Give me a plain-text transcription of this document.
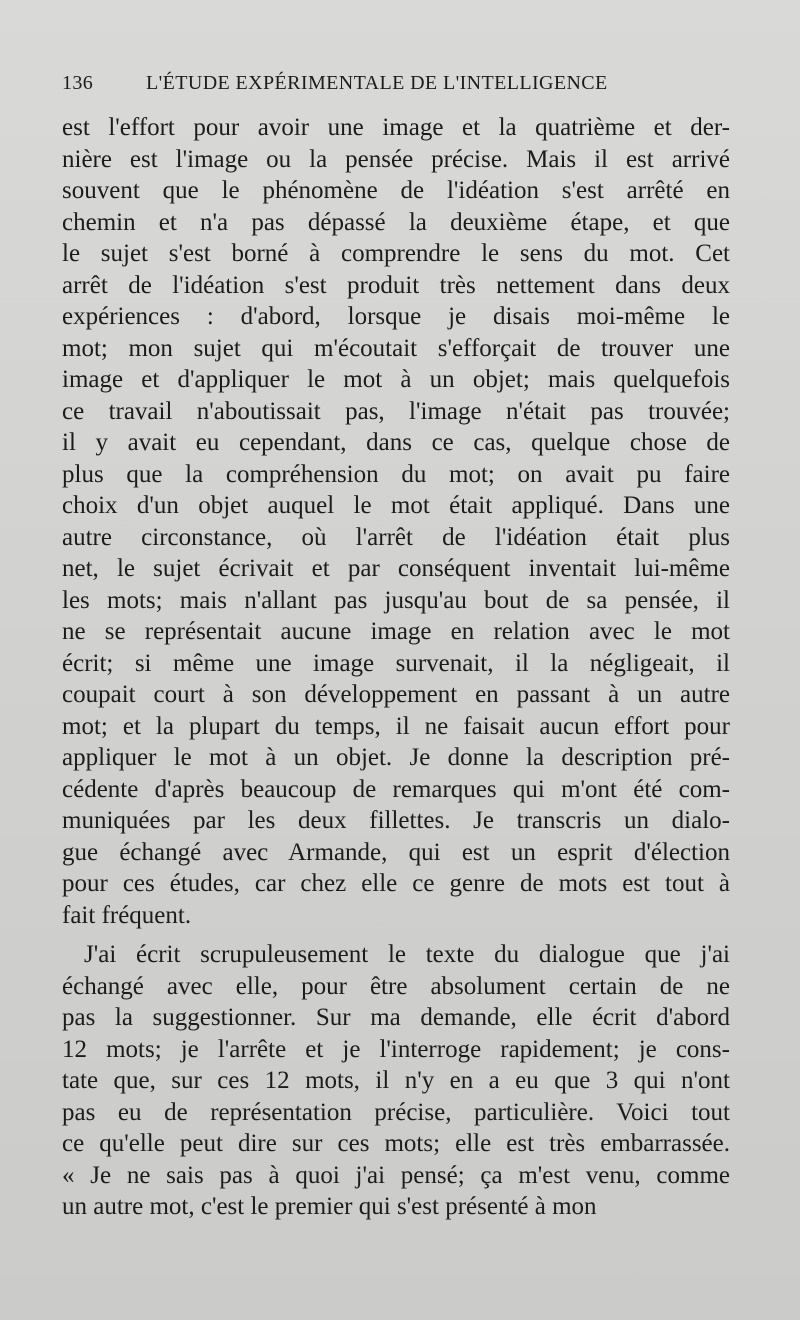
136	L'ÉTUDE EXPÉRIMENTALE DE L'INTELLIGENCE
est l'effort pour avoir une image et la quatrième et der-
nière est l'image ou la pensée précise. Mais il est arrivé
souvent que le phénomène de l'idéation s'est arrêté en
chemin et n'a pas dépassé la deuxième étape, et que
le sujet s'est borné à comprendre le sens du mot. Cet
arrêt de l'idéation s'est produit très nettement dans deux
expériences : d'abord, lorsque je disais moi-même le
mot; mon sujet qui m'écoutait s'efforçait de trouver une
image et d'appliquer le mot à un objet; mais quelquefois
ce travail n'aboutissait pas, l'image n'était pas trouvée;
il y avait eu cependant, dans ce cas, quelque chose de
plus que la compréhension du mot; on avait pu faire
choix d'un objet auquel le mot était appliqué. Dans une
autre circonstance, où l'arrêt de l'idéation était plus
net, le sujet écrivait et par conséquent inventait lui-même
les mots; mais n'allant pas jusqu'au bout de sa pensée, il
ne se représentait aucune image en relation avec le mot
écrit; si même une image survenait, il la négligeait, il
coupait court à son développement en passant à un autre
mot; et la plupart du temps, il ne faisait aucun effort pour
appliquer le mot à un objet. Je donne la description pré-
cédente d'après beaucoup de remarques qui m'ont été com-
muniquées par les deux fillettes. Je transcris un dialo-
gue échangé avec Armande, qui est un esprit d'élection
pour ces études, car chez elle ce genre de mots est tout à
fait fréquent.
J'ai écrit scrupuleusement le texte du dialogue que j'ai
échangé avec elle, pour être absolument certain de ne
pas la suggestionner. Sur ma demande, elle écrit d'abord
12 mots; je l'arrête et je l'interroge rapidement; je cons-
tate que, sur ces 12 mots, il n'y en a eu que 3 qui n'ont
pas eu de représentation précise, particulière. Voici tout
ce qu'elle peut dire sur ces mots; elle est très embarrassée.
« Je ne sais pas à quoi j'ai pensé; ça m'est venu, comme
un autre mot, c'est le premier qui s'est présenté à mon
